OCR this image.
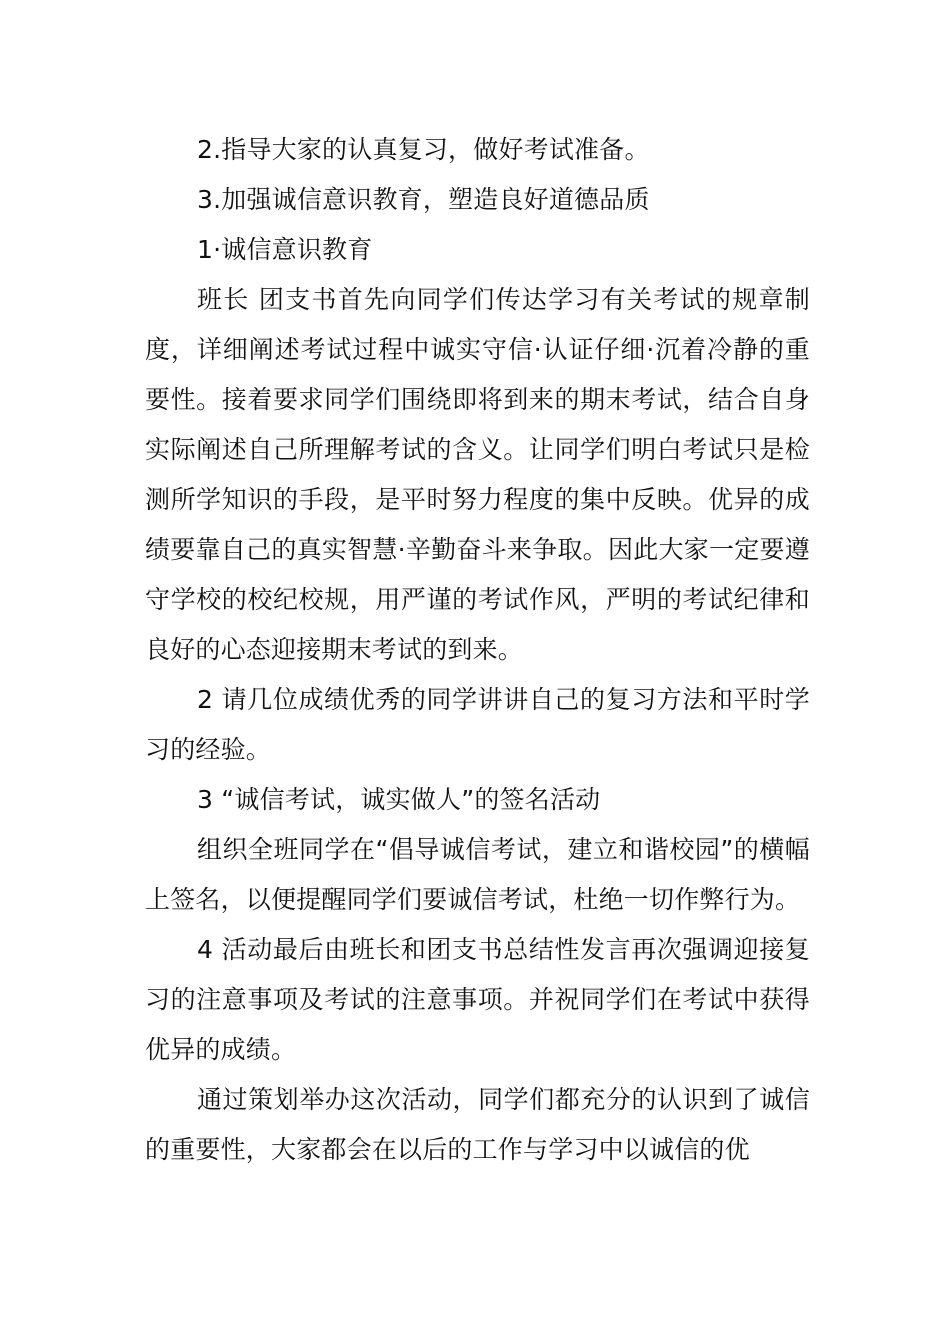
2.指导大家的认真复习，做好考试准备。

3.加强诚信意识教育，塑造良好道德品质

1·诚信意识教育

班长 团支书首先向同学们传达学习有关考试的规章制度，详细阐述考试过程中诚实守信·认证仔细·沉着冷静的重要性。接着要求同学们围绕即将到来的期末考试，结合自身实际阐述自己所理解考试的含义。让同学们明白考试只是检测所学知识的手段，是平时努力程度的集中反映。优异的成绩要靠自己的真实智慧·辛勤奋斗来争取。因此大家一定要遵守学校的校纪校规，用严谨的考试作风，严明的考试纪律和良好的心态迎接期末考试的到来。

2 请几位成绩优秀的同学讲讲自己的复习方法和平时学习的经验。

3 “诚信考试，诚实做人”的签名活动

组织全班同学在“倡导诚信考试，建立和谐校园”的横幅上签名，以便提醒同学们要诚信考试，杜绝一切作弊行为。

4 活动最后由班长和团支书总结性发言再次强调迎接复习的注意事项及考试的注意事项。并祝同学们在考试中获得优异的成绩。

通过策划举办这次活动，同学们都充分的认识到了诚信的重要性，大家都会在以后的工作与学习中以诚信的优
